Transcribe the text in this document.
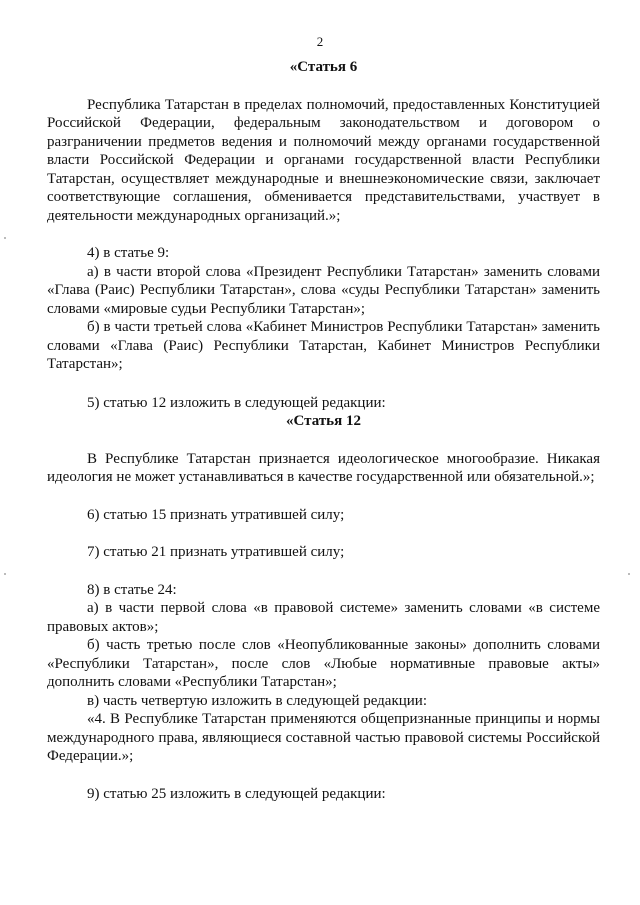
2

«Статья 6

Республика Татарстан в пределах полномочий, предоставленных Конституцией Российской Федерации, федеральным законодательством и договором о разграничении предметов ведения и полномочий между органами государственной власти Российской Федерации и органами государственной власти Республики Татарстан, осуществляет международные и внешнеэкономические связи, заключает соответствующие соглашения, обменивается представительствами, участвует в деятельности международных организаций.»;

4) в статье 9:

а) в части второй слова «Президент Республики Татарстан» заменить словами «Глава (Раис) Республики Татарстан», слова «суды Республики Татарстан» заменить словами «мировые судьи Республики Татарстан»;

б) в части третьей слова «Кабинет Министров Республики Татарстан» заменить словами «Глава (Раис) Республики Татарстан, Кабинет Министров Республики Татарстан»;

5) статью 12 изложить в следующей редакции:

«Статья 12

В Республике Татарстан признается идеологическое многообразие. Никакая идеология не может устанавливаться в качестве государственной или обязательной.»;

6) статью 15 признать утратившей силу;

7) статью 21 признать утратившей силу;

8) в статье 24:

а) в части первой слова «в правовой системе» заменить словами «в системе правовых актов»;

б) часть третью после слов «Неопубликованные законы» дополнить словами «Республики Татарстан», после слов «Любые нормативные правовые акты» дополнить словами «Республики Татарстан»;

в) часть четвертую изложить в следующей редакции:

«4. В Республике Татарстан применяются общепризнанные принципы и нормы международного права, являющиеся составной частью правовой системы Российской Федерации.»;

9) статью 25 изложить в следующей редакции:
